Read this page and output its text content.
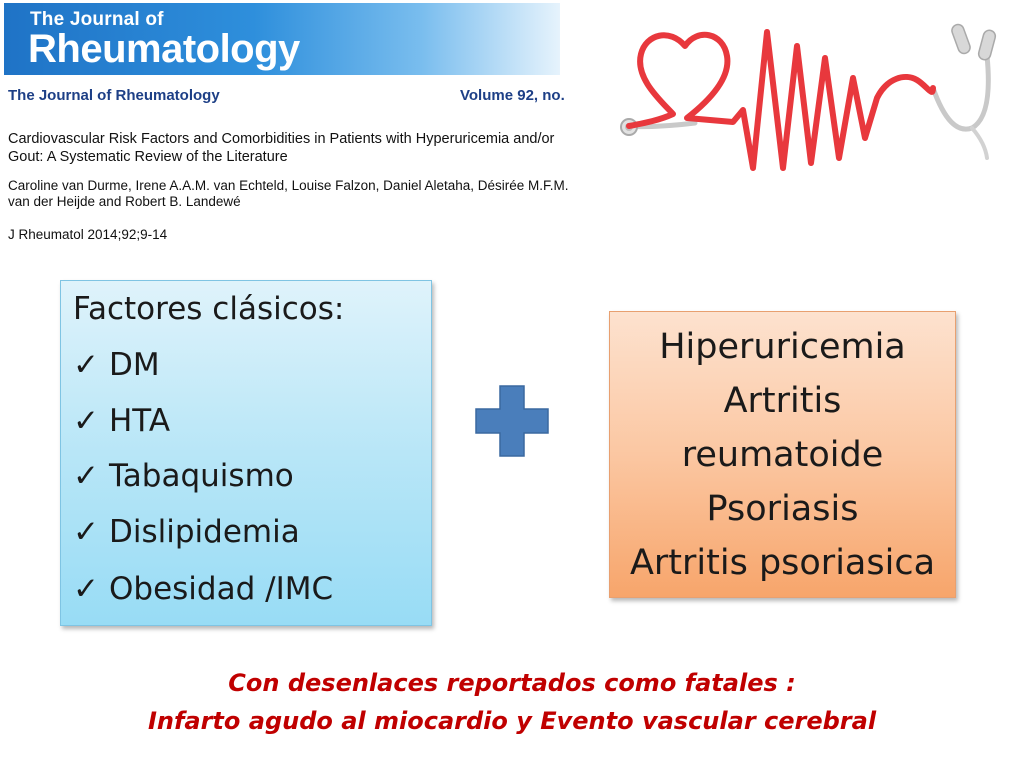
The Journal of
Rheumatology
The Journal of Rheumatology	Volume 92, no.
Cardiovascular Risk Factors and Comorbidities in Patients with Hyperuricemia and/or Gout: A Systematic Review of the Literature
Caroline van Durme, Irene A.A.M. van Echteld, Louise Falzon, Daniel Aletaha, Désirée M.F.M. van der Heijde and Robert B. Landewé
J Rheumatol 2014;92;9-14
Factores clásicos:
✓ DM
✓ HTA
✓ Tabaquismo
✓ Dislipidemia
✓ Obesidad /IMC
Hiperuricemia
Artritis
reumatoide
Psoriasis
Artritis psoriasica
Con desenlaces reportados como fatales :
Infarto agudo al miocardio y Evento vascular cerebral
